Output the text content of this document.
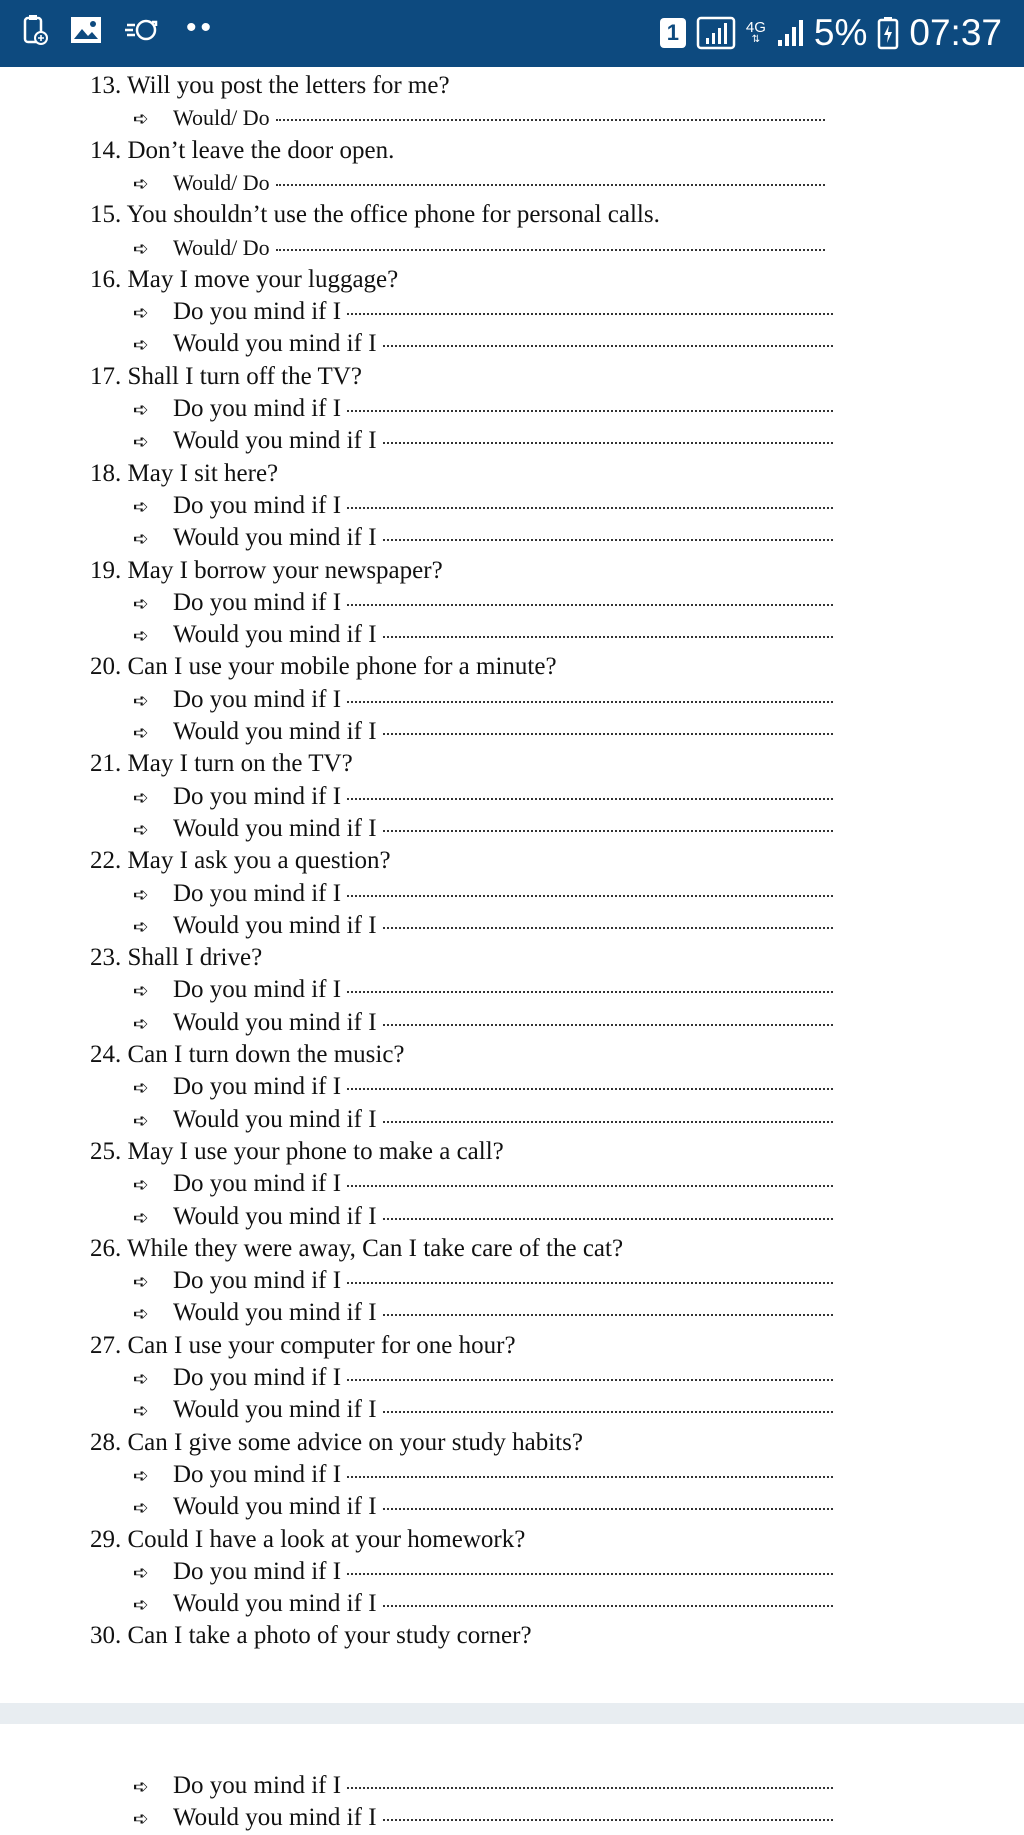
••	1	4G
⇅ 5% 07:37
13. Will you post the letters for me?
➪	Would/ Do
14. Don’t leave the door open.
➪	Would/ Do
15. You shouldn’t use the office phone for personal calls.
➪	Would/ Do
16. May I move your luggage?
➪ Do you mind if I
➪ Would you mind if I
17. Shall I turn off the TV?
➪ Do you mind if I
➪ Would you mind if I
18. May I sit here?
➪ Do you mind if I
➪ Would you mind if I
19. May I borrow your newspaper?
➪ Do you mind if I
➪ Would you mind if I
20. Can I use your mobile phone for a minute?
➪ Do you mind if I
➪ Would you mind if I
21. May I turn on the TV?
➪ Do you mind if I
➪ Would you mind if I
22. May I ask you a question?
➪ Do you mind if I
➪ Would you mind if I
23. Shall I drive?
➪ Do you mind if I
➪ Would you mind if I
24. Can I turn down the music?
➪ Do you mind if I
➪ Would you mind if I
25. May I use your phone to make a call?
➪ Do you mind if I
➪ Would you mind if I
26. While they were away, Can I take care of the cat?
➪ Do you mind if I
➪ Would you mind if I
27. Can I use your computer for one hour?
➪ Do you mind if I
➪ Would you mind if I
28. Can I give some advice on your study habits?
➪ Do you mind if I
➪ Would you mind if I
29. Could I have a look at your homework?
➪ Do you mind if I
➪ Would you mind if I
30. Can I take a photo of your study corner?
➪ Do you mind if I
➪ Would you mind if I
